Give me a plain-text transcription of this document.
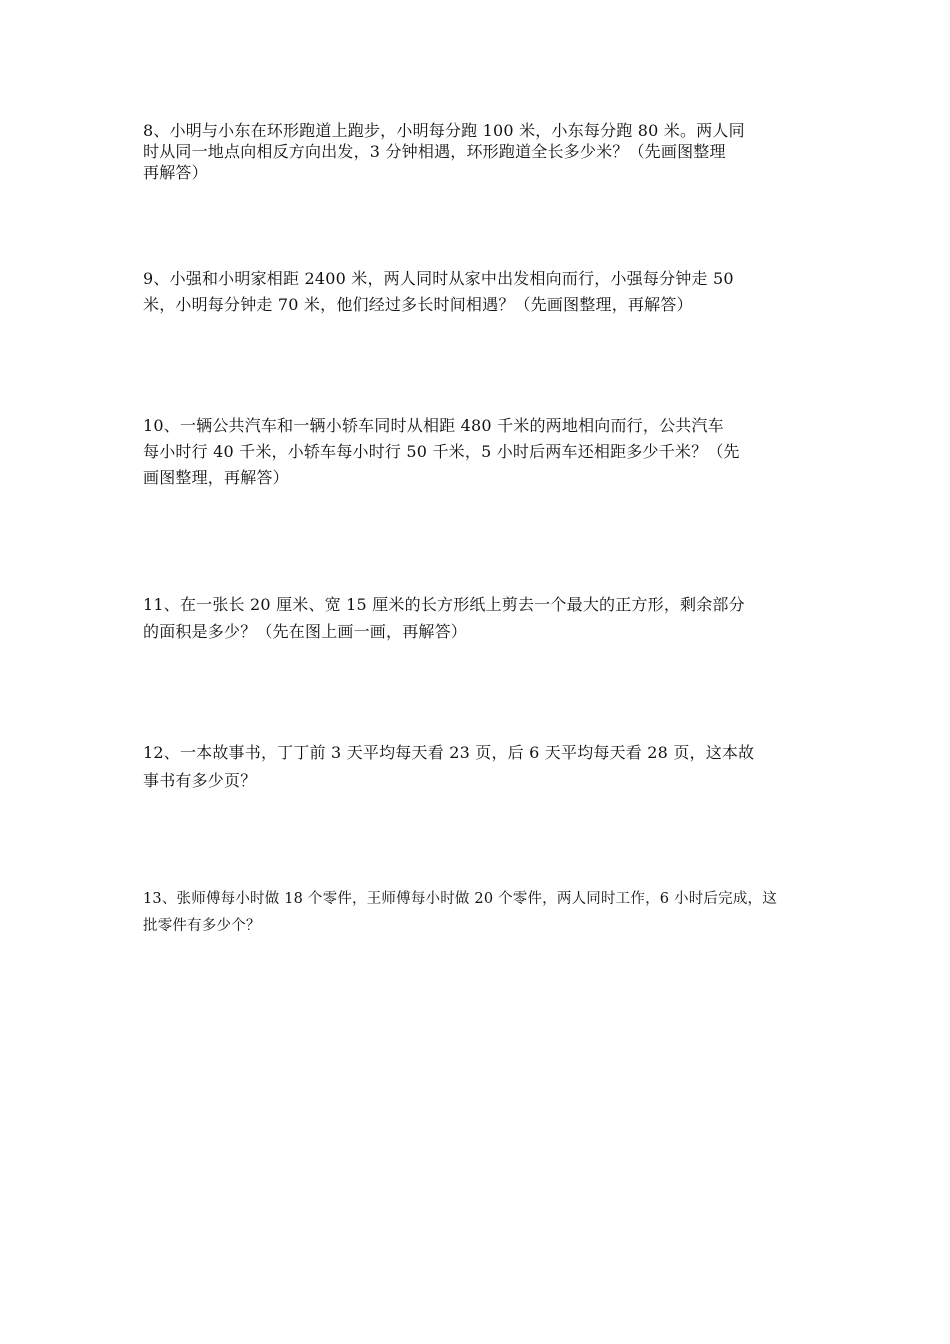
8、小明与小东在环形跑道上跑步，小明每分跑 100 米，小东每分跑 80 米。两人同

时从同一地点向相反方向出发，3 分钟相遇，环形跑道全长多少米？（先画图整理

再解答）

9、小强和小明家相距 2400 米，两人同时从家中出发相向而行，小强每分钟走 50

米，小明每分钟走 70 米，他们经过多长时间相遇？（先画图整理，再解答）

10、一辆公共汽车和一辆小轿车同时从相距 480 千米的两地相向而行，公共汽车

每小时行 40 千米，小轿车每小时行 50 千米，5 小时后两车还相距多少千米？（先

画图整理，再解答）

11、在一张长 20 厘米、宽 15 厘米的长方形纸上剪去一个最大的正方形，剩余部分

的面积是多少？（先在图上画一画，再解答）

12、一本故事书，丁丁前 3 天平均每天看 23 页，后 6 天平均每天看 28 页，这本故

事书有多少页？

13、张师傅每小时做 18 个零件，王师傅每小时做 20 个零件，两人同时工作，6 小时后完成，这

批零件有多少个？
